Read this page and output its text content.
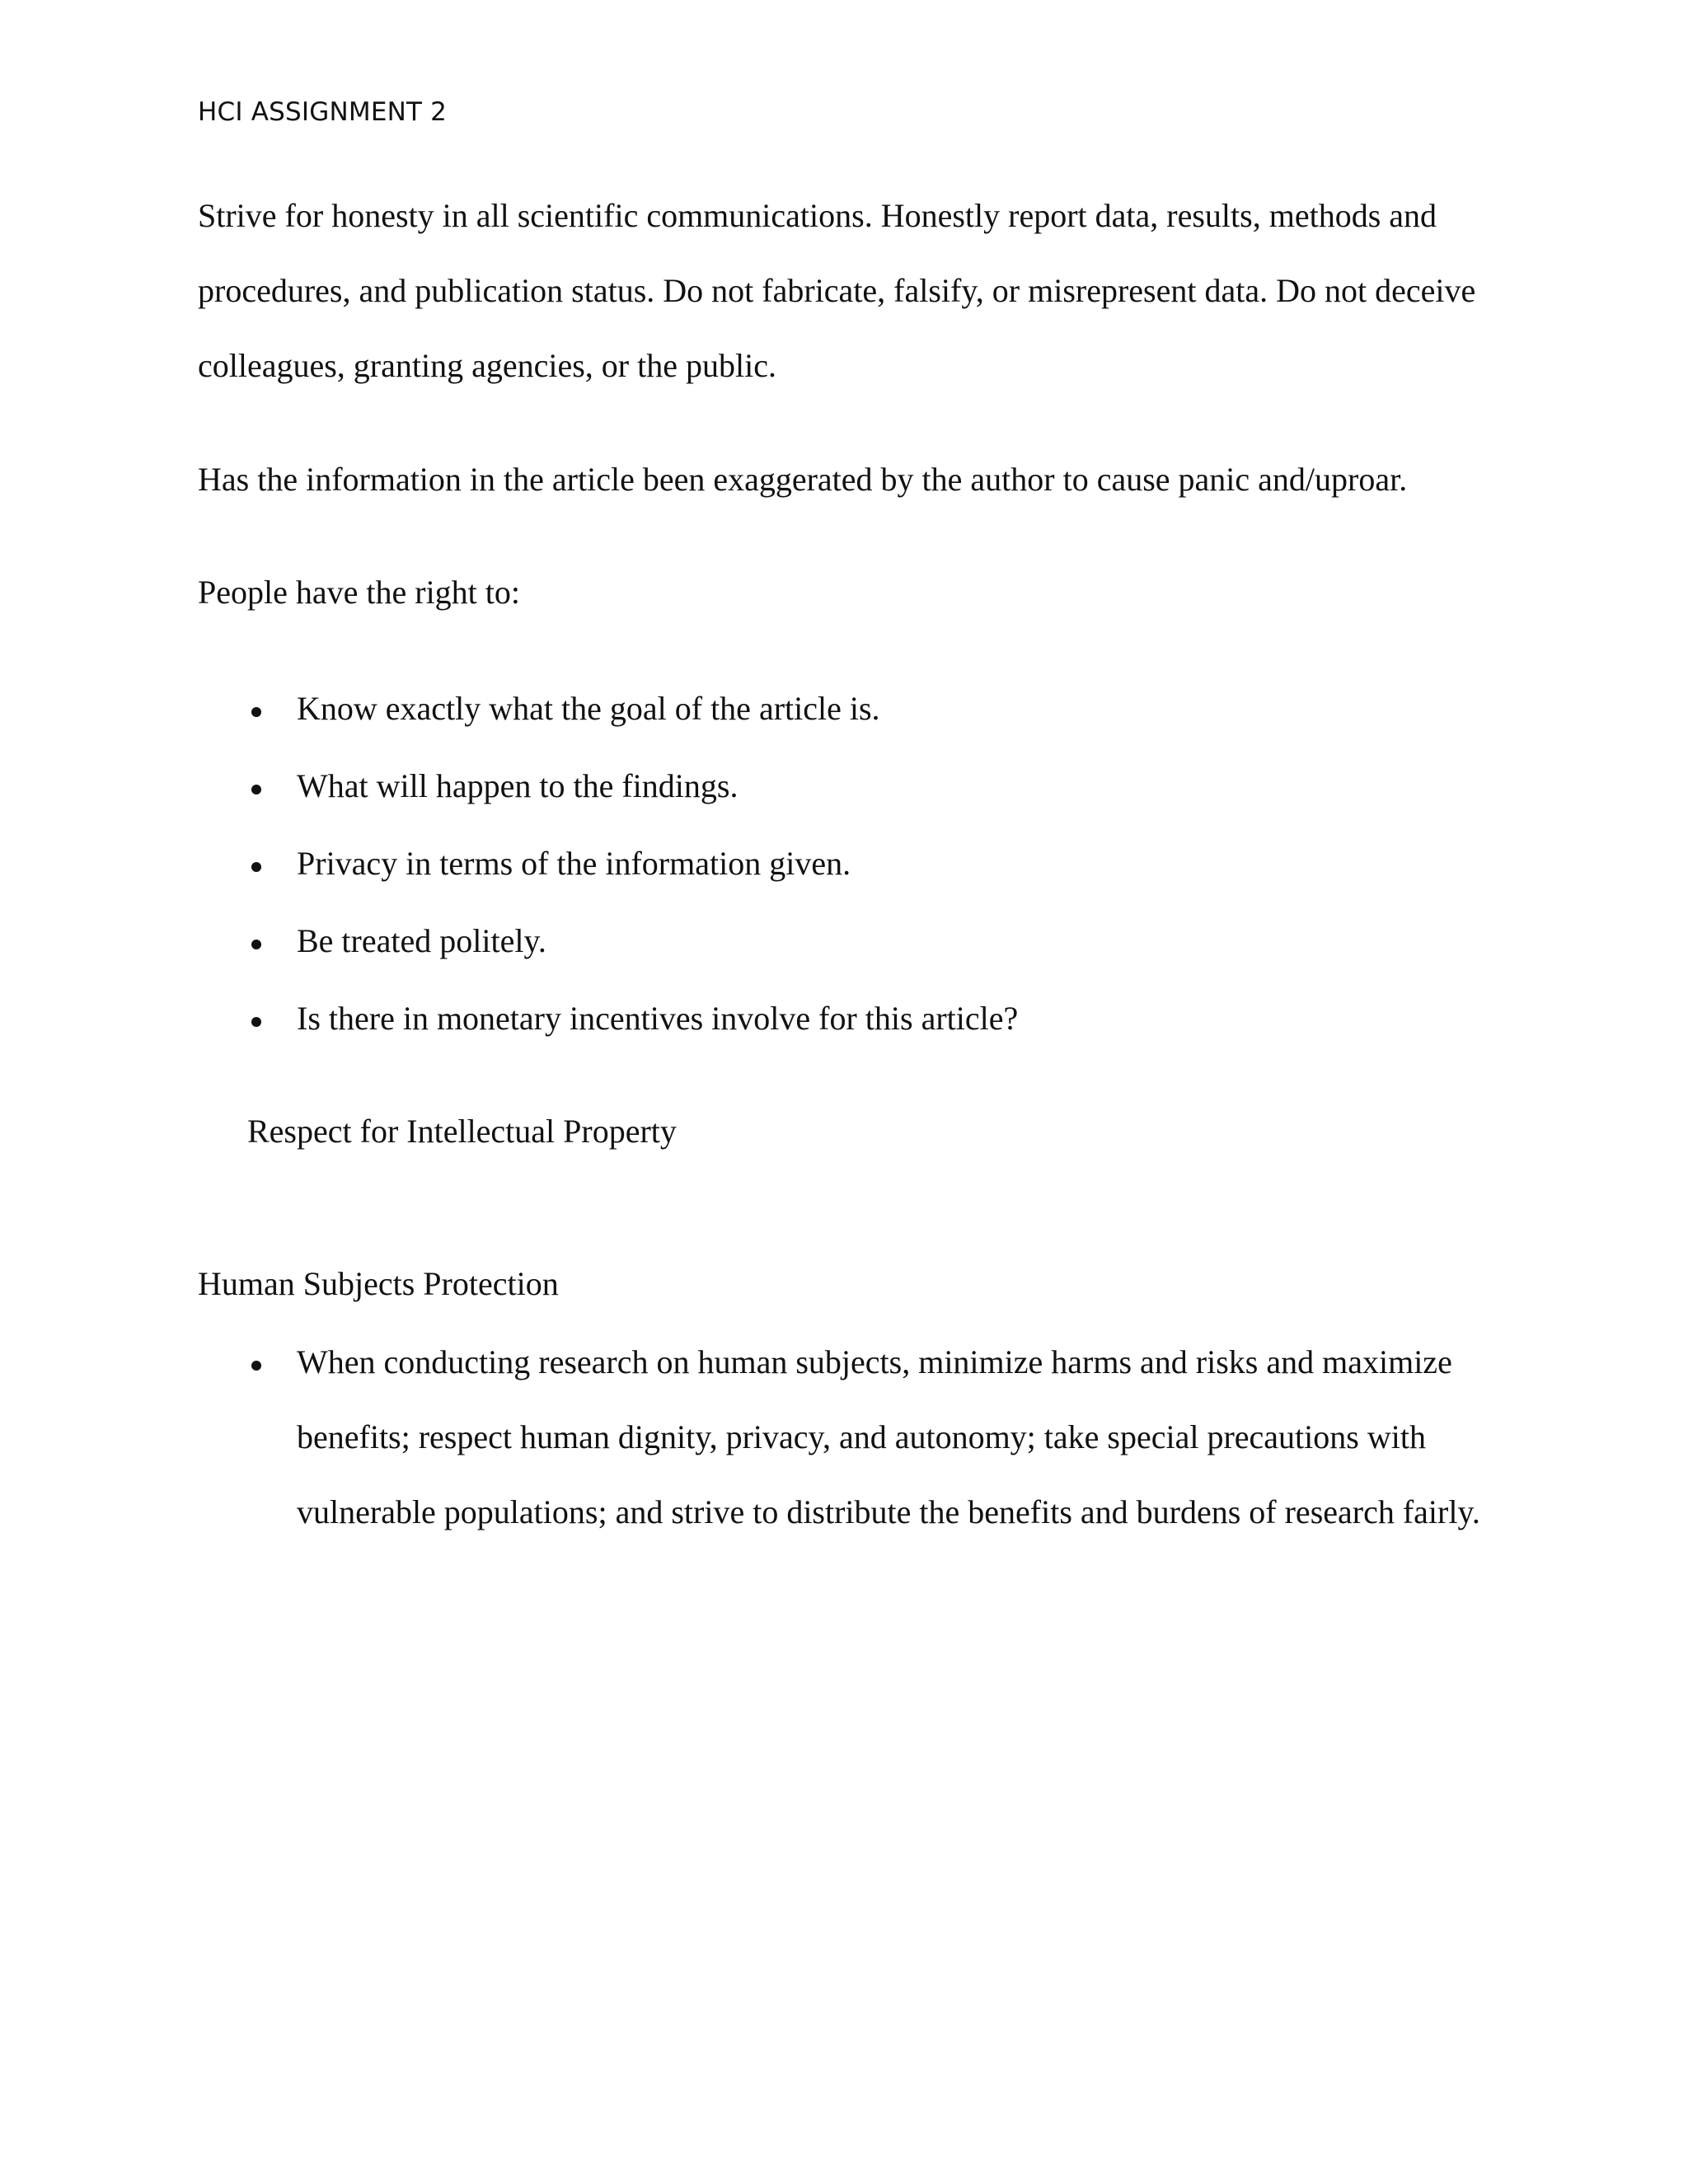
HCI ASSIGNMENT 2
Strive for honesty in all scientific communications. Honestly report data, results, methods and
procedures, and publication status. Do not fabricate, falsify, or misrepresent data. Do not deceive
colleagues, granting agencies, or the public.
Has the information in the article been exaggerated by the author to cause panic and/uproar.
People have the right to:
Know exactly what the goal of the article is.
What will happen to the findings.
Privacy in terms of the information given.
Be treated politely.
Is there in monetary incentives involve for this article?
Respect for Intellectual Property
Human Subjects Protection
When conducting research on human subjects, minimize harms and risks and maximize
benefits; respect human dignity, privacy, and autonomy; take special precautions with
vulnerable populations; and strive to distribute the benefits and burdens of research fairly.
